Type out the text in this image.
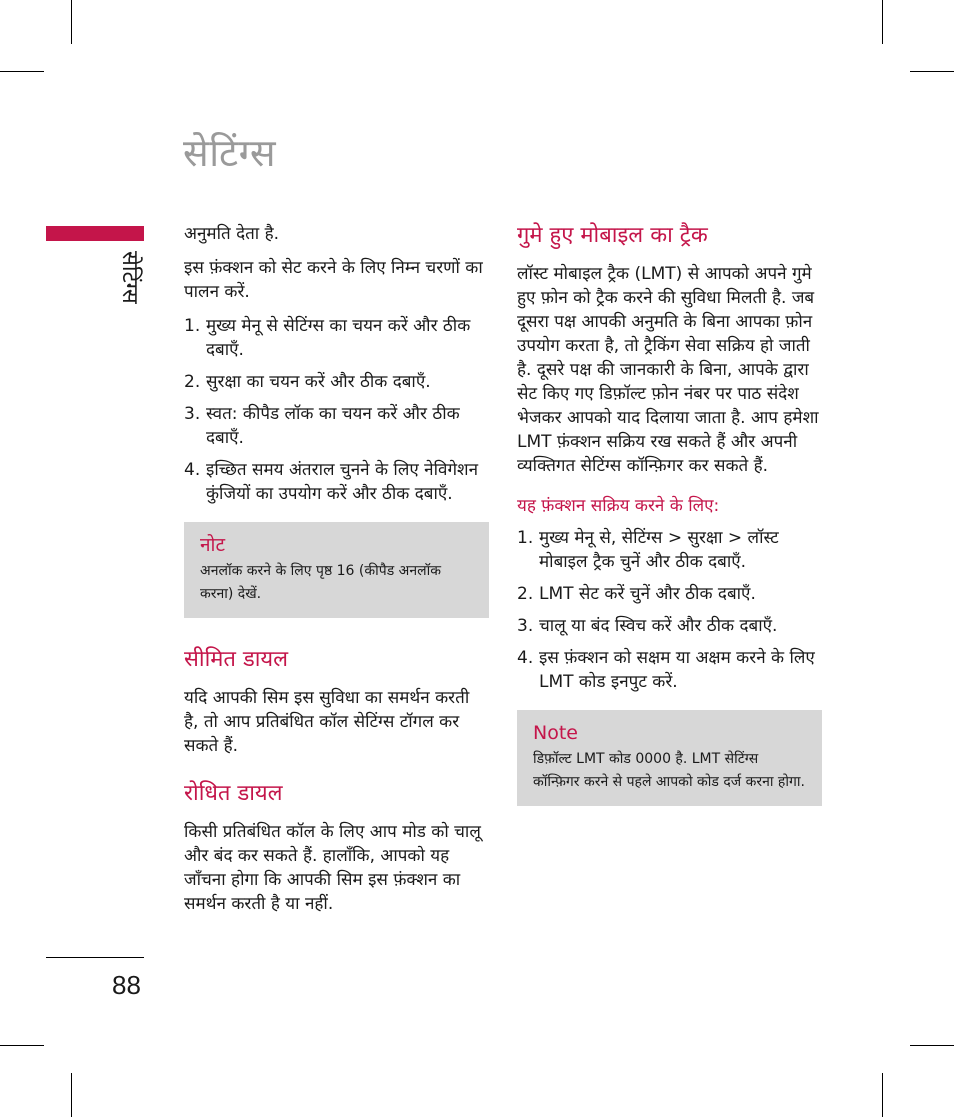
सेटिंग्स
सेटिंग्स
88

अनुमति देता है.

इस फ़ंक्शन को सेट करने के लिए निम्न चरणों का पालन करें.

1. मुख्य मेनू से सेटिंग्स का चयन करें और ठीक दबाएँ.
2. सुरक्षा का चयन करें और ठीक दबाएँ.
3. स्वत: कीपैड लॉक का चयन करें और ठीक दबाएँ.
4. इच्छित समय अंतराल चुनने के लिए नेविगेशन कुंजियों का उपयोग करें और ठीक दबाएँ.
नोट
अनलॉक करने के लिए पृष्ठ 16 (कीपैड अनलॉक करना) देखें.
सीमित डायल

यदि आपकी सिम इस सुविधा का समर्थन करती है, तो आप प्रतिबंधित कॉल सेटिंग्स टॉगल कर सकते हैं.

रोधित डायल

किसी प्रतिबंधित कॉल के लिए आप मोड को चालू और बंद कर सकते हैं. हालाँकि, आपको यह जाँचना होगा कि आपकी सिम इस फ़ंक्शन का समर्थन करती है या नहीं.

गुमे हुए मोबाइल का ट्रैक

लॉस्ट मोबाइल ट्रैक (LMT) से आपको अपने गुमे हुए फ़ोन को ट्रैक करने की सुविधा मिलती है. जब दूसरा पक्ष आपकी अनुमति के बिना आपका फ़ोन उपयोग करता है, तो ट्रैकिंग सेवा सक्रिय हो जाती है. दूसरे पक्ष की जानकारी के बिना, आपके द्वारा सेट किए गए डिफ़ॉल्ट फ़ोन नंबर पर पाठ संदेश भेजकर आपको याद दिलाया जाता है. आप हमेशा LMT फ़ंक्शन सक्रिय रख सकते हैं और अपनी व्यक्तिगत सेटिंग्स कॉन्फ़िगर कर सकते हैं.

यह फ़ंक्शन सक्रिय करने के लिए:
1. मुख्य मेनू से, सेटिंग्स > सुरक्षा > लॉस्ट मोबाइल ट्रैक चुनें और ठीक दबाएँ.
2. LMT सेट करें चुनें और ठीक दबाएँ.
3. चालू या बंद स्विच करें और ठीक दबाएँ.
4. इस फ़ंक्शन को सक्षम या अक्षम करने के लिए LMT कोड इनपुट करें.
Note
डिफ़ॉल्ट LMT कोड 0000 है. LMT सेटिंग्स कॉन्फ़िगर करने से पहले आपको कोड दर्ज करना होगा.
